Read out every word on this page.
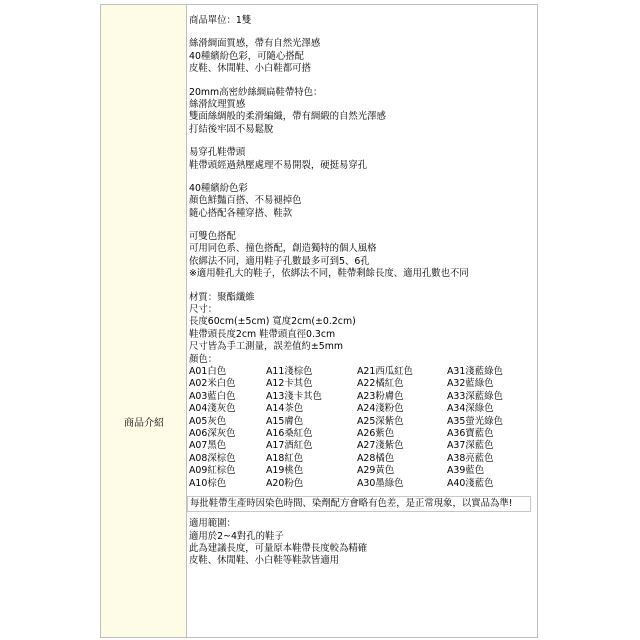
商品介紹
商品單位：1雙
絲滑綢面質感，帶有自然光澤感
40種繽紛色彩，可隨心搭配
皮鞋、休閒鞋、小白鞋都可搭
20mm高密紗絲綢扁鞋帶特色：
絲滑紋理質感
雙面絲綢般的柔滑編織，帶有綢緞的自然光澤感
打結後牢固不易鬆脫
易穿孔鞋帶頭
鞋帶頭經過熱壓處理不易開裂，硬挺易穿孔
40種繽紛色彩
顏色鮮豔百搭、不易褪掉色
隨心搭配各種穿搭、鞋款
可雙色搭配
可用同色系、撞色搭配，創造獨特的個人風格
依綁法不同，適用鞋子孔數最多可到5、6孔
※適用鞋孔大的鞋子，依綁法不同，鞋帶剩餘長度、適用孔數也不同
材質：聚酯纖維
尺寸：
長度60cm(±5cm) 寬度2cm(±0.2cm)
鞋帶頭長度2cm 鞋帶頭直徑0.3cm
尺寸皆為手工測量，誤差值約±5mm
顏色：
A01白色	A11淺棕色	A21西瓜紅色	A31淺藍綠色
A02米白色	A12卡其色	A22橘紅色	A32藍綠色
A03藍白色	A13淺卡其色	A23粉膚色	A33深藍綠色
A04淺灰色	A14茶色	A24淺粉色	A34深綠色
A05灰色	A15膚色	A25深紫色	A35螢光綠色
A06深灰色	A16桑紅色	A26紫色	A36寶藍色
A07黑色	A17酒紅色	A27淺紫色	A37深藍色
A08深棕色	A18紅色	A28橘色	A38亮藍色
A09紅棕色	A19桃色	A29黃色	A39藍色
A10棕色	A20粉色	A30墨綠色	A40淺藍色
每批鞋帶生產時因染色時間、染劑配方會略有色差，是正常現象，以實品為準!
適用範圍：
適用於2~4對孔的鞋子
此為建議長度，可量原本鞋帶長度較為精確
皮鞋、休閒鞋、小白鞋等鞋款皆適用
